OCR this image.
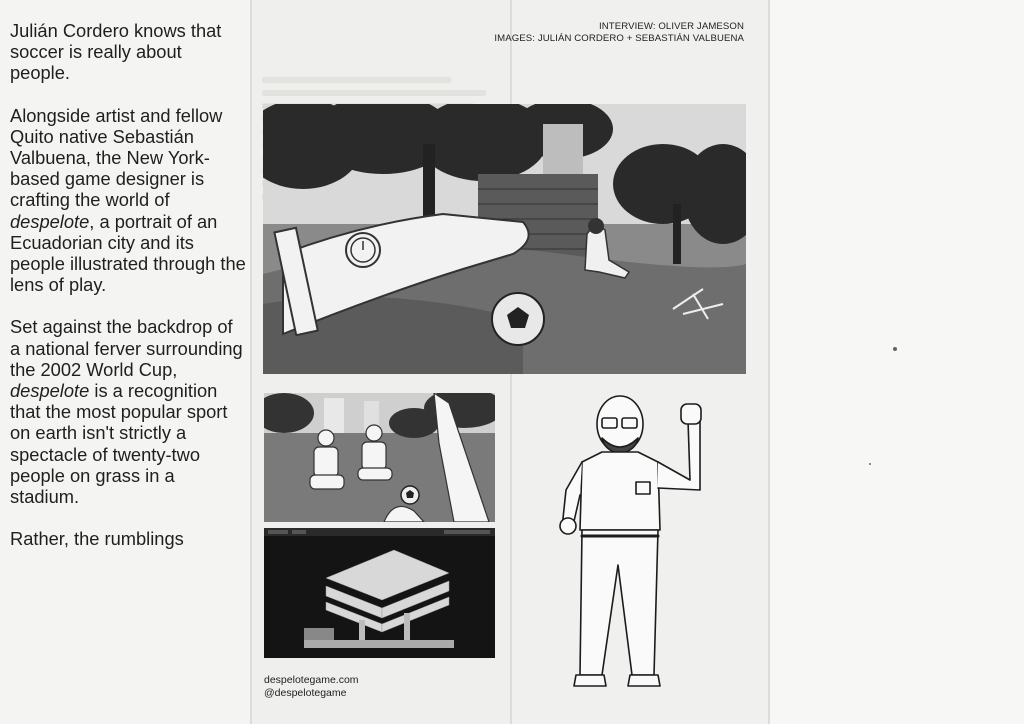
Julián Cordero knows that soccer is really about people.

Alongside artist and fellow Quito native Sebastián Valbuena, the New York-based game designer is crafting the world of despelote, a portrait of an Ecuadorian city and its people illustrated through the lens of play.

Set against the backdrop of a national ferver surrounding the 2002 World Cup, despelote is a recognition that the most popular sport on earth isn't strictly a spectacle of twenty-two people on grass in a stadium.

Rather, the rumblings

INTERVIEW: OLIVER JAMESON
IMAGES: JULIÁN CORDERO + SEBASTIÁN VALBUENA
despelotegame.com
@despelotegame
